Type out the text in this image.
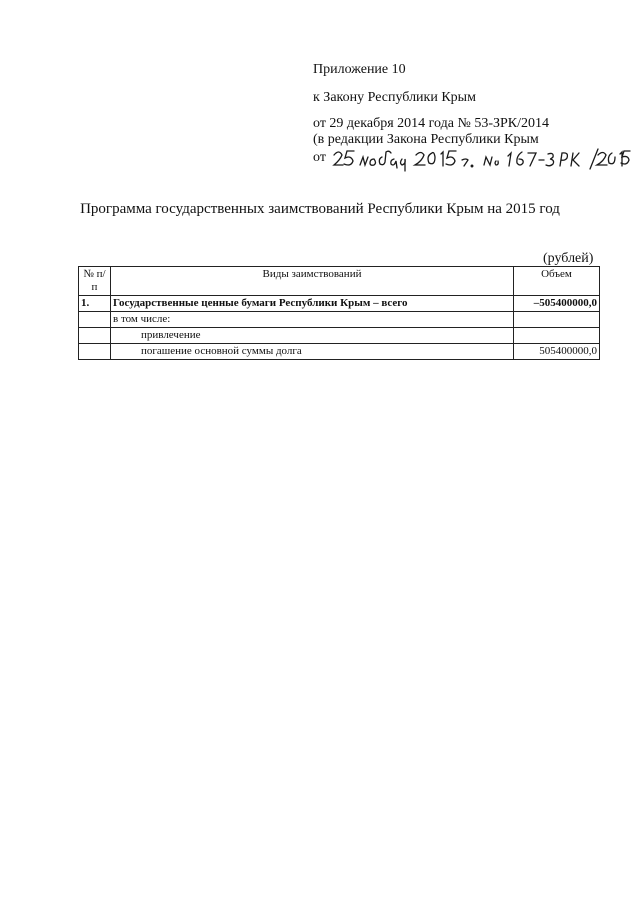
Приложение 10
к Закону Республики Крым
от 29 декабря 2014 года № 53-ЗРК/2014
(в редакции Закона Республики Крым
от
Программа государственных заимствований Республики Крым на 2015 год
(рублей)
№ п/п	Виды заимствований	Объем
1.	Государственные ценные бумаги Республики Крым – всего	–505400000,0
	в том числе:	
	привлечение	
	погашение основной суммы долга	505400000,0
